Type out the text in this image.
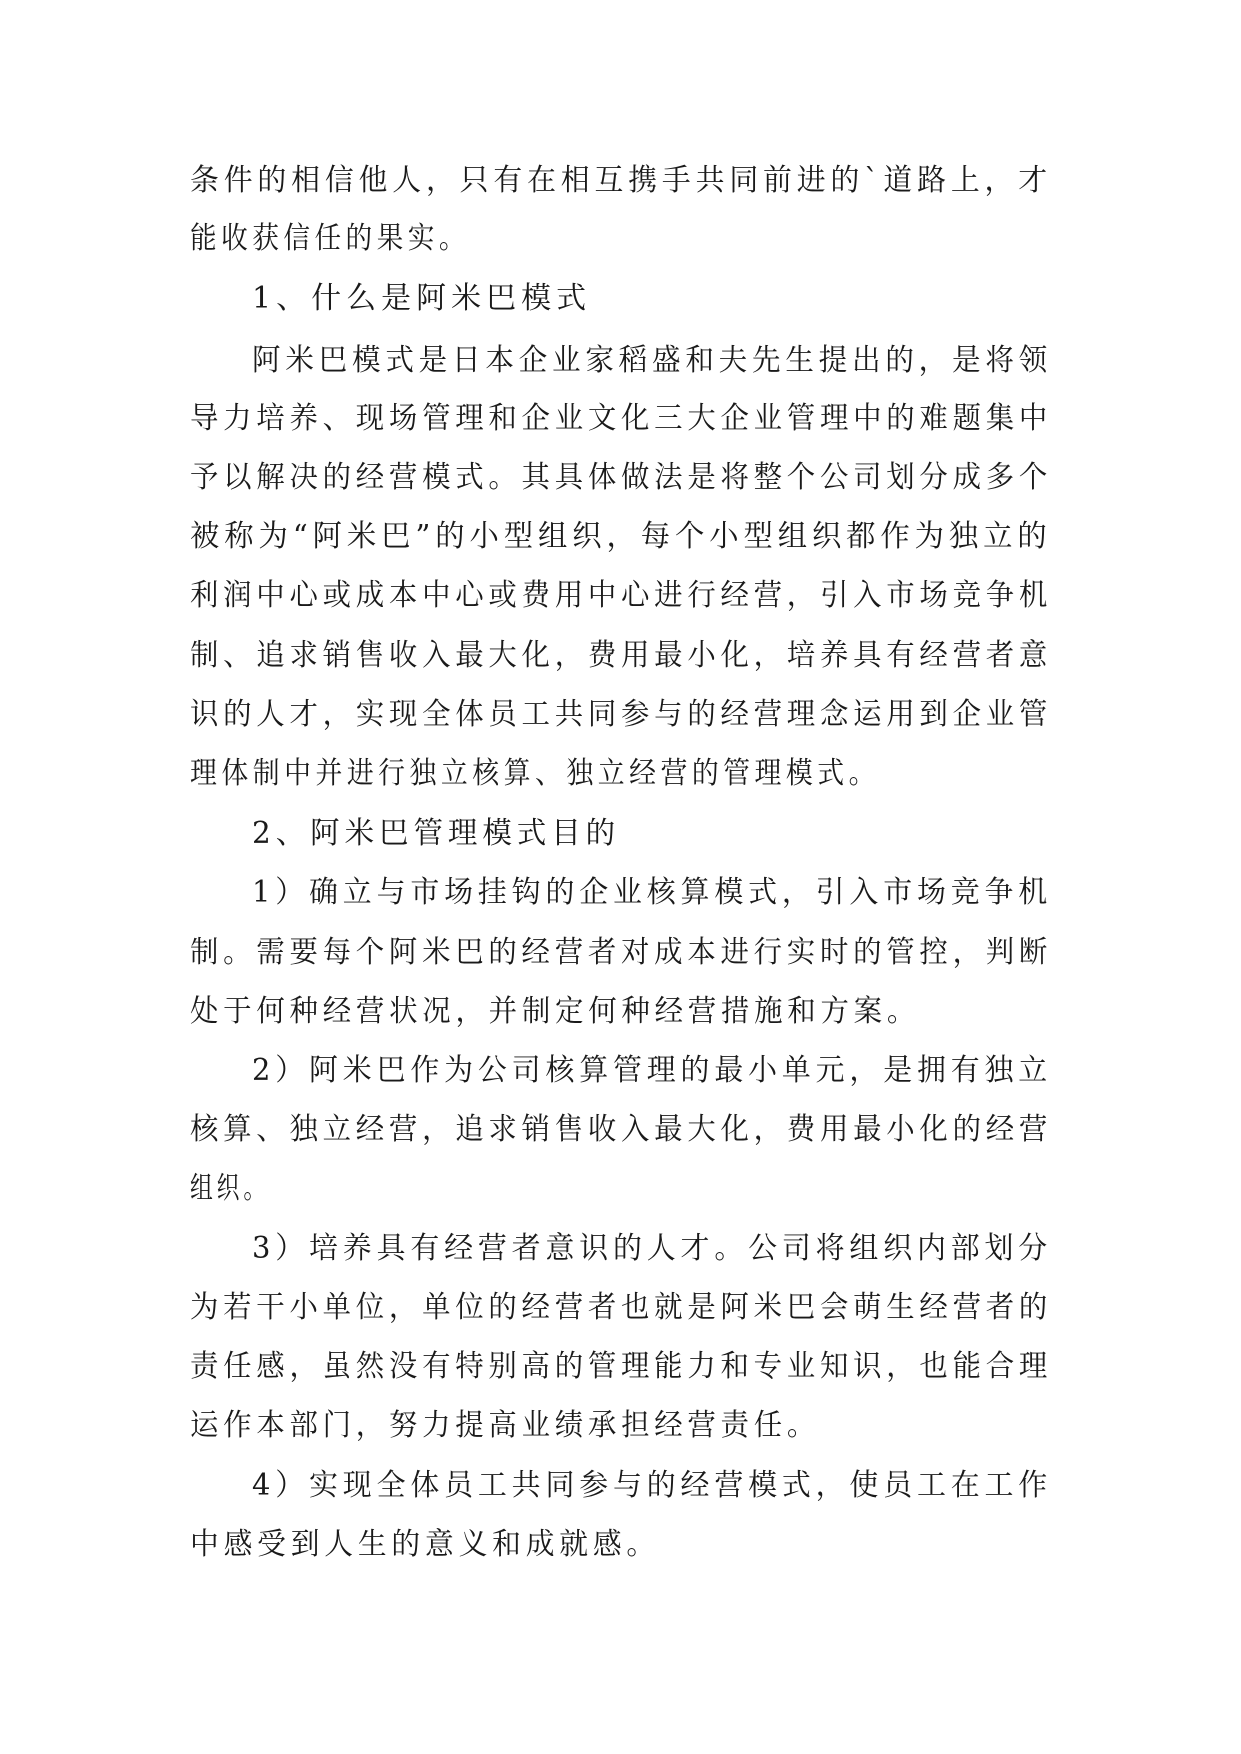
条件的相信他人，只有在相互携手共同前进的`道路上，才
能收获信任的果实。
1、什么是阿米巴模式
阿米巴模式是日本企业家稻盛和夫先生提出的，是将领
导力培养、现场管理和企业文化三大企业管理中的难题集中
予以解决的经营模式。其具体做法是将整个公司划分成多个
被称为“阿米巴”的小型组织，每个小型组织都作为独立的
利润中心或成本中心或费用中心进行经营，引入市场竞争机
制、追求销售收入最大化，费用最小化，培养具有经营者意
识的人才，实现全体员工共同参与的经营理念运用到企业管
理体制中并进行独立核算、独立经营的管理模式。
2、阿米巴管理模式目的
1）确立与市场挂钩的企业核算模式，引入市场竞争机
制。需要每个阿米巴的经营者对成本进行实时的管控，判断
处于何种经营状况，并制定何种经营措施和方案。
2）阿米巴作为公司核算管理的最小单元，是拥有独立
核算、独立经营，追求销售收入最大化，费用最小化的经营
组织。
3）培养具有经营者意识的人才。公司将组织内部划分
为若干小单位，单位的经营者也就是阿米巴会萌生经营者的
责任感，虽然没有特别高的管理能力和专业知识，也能合理
运作本部门，努力提高业绩承担经营责任。
4）实现全体员工共同参与的经营模式，使员工在工作
中感受到人生的意义和成就感。
